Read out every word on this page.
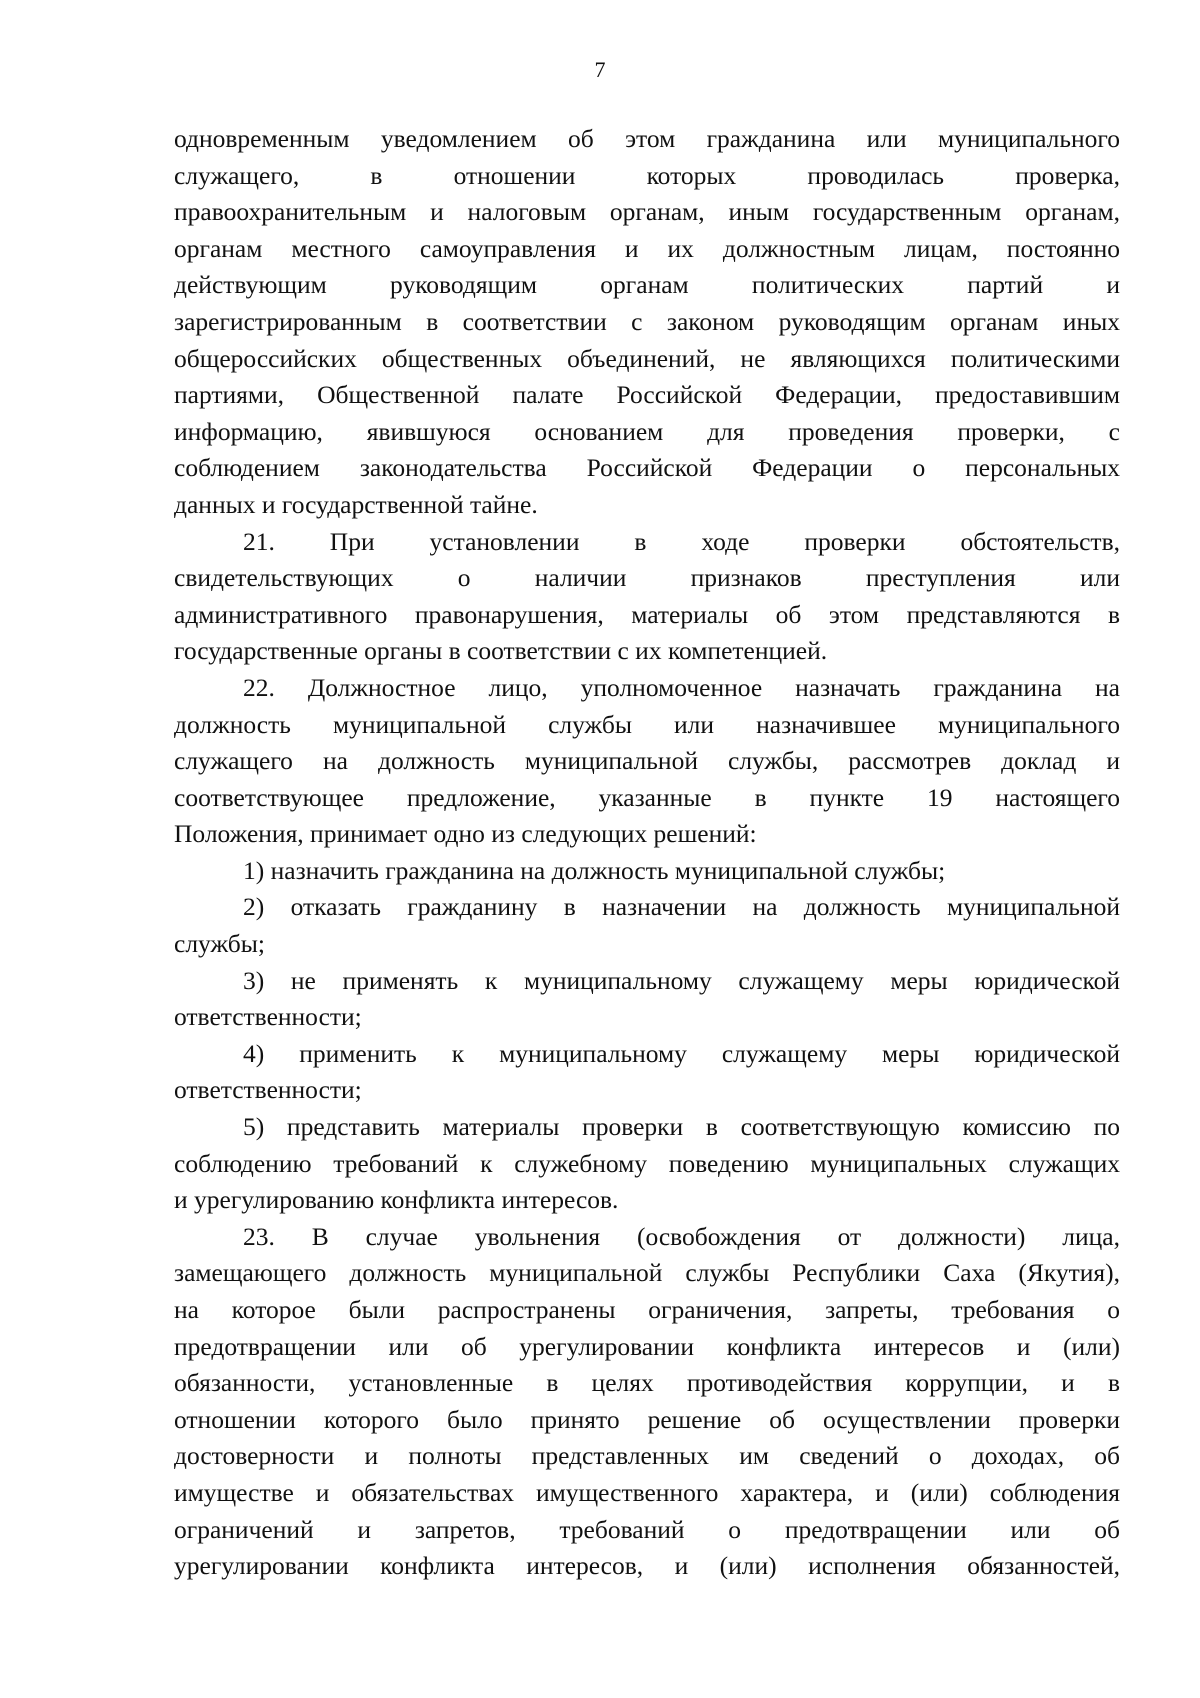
7
одновременным уведомлением об этом гражданина или муниципального
служащего, в отношении которых проводилась проверка,
правоохранительным и налоговым органам, иным государственным органам,
органам местного самоуправления и их должностным лицам, постоянно
действующим руководящим органам политических партий и
зарегистрированным в соответствии с законом руководящим органам иных
общероссийских общественных объединений, не являющихся политическими
партиями, Общественной палате Российской Федерации, предоставившим
информацию, явившуюся основанием для проведения проверки, с
соблюдением законодательства Российской Федерации о персональных
данных и государственной тайне.
21. При установлении в ходе проверки обстоятельств,
свидетельствующих о наличии признаков преступления или
административного правонарушения, материалы об этом представляются в
государственные органы в соответствии с их компетенцией.
22. Должностное лицо, уполномоченное назначать гражданина на
должность муниципальной службы или назначившее муниципального
служащего на должность муниципальной службы, рассмотрев доклад и
соответствующее предложение, указанные в пункте 19 настоящего
Положения, принимает одно из следующих решений:
1) назначить гражданина на должность муниципальной службы;
2) отказать гражданину в назначении на должность муниципальной
службы;
3) не применять к муниципальному служащему меры юридической
ответственности;
4) применить к муниципальному служащему меры юридической
ответственности;
5) представить материалы проверки в соответствующую комиссию по
соблюдению требований к служебному поведению муниципальных служащих
и урегулированию конфликта интересов.
23. В случае увольнения (освобождения от должности) лица,
замещающего должность муниципальной службы Республики Саха (Якутия),
на которое были распространены ограничения, запреты, требования о
предотвращении или об урегулировании конфликта интересов и (или)
обязанности, установленные в целях противодействия коррупции, и в
отношении которого было принято решение об осуществлении проверки
достоверности и полноты представленных им сведений о доходах, об
имуществе и обязательствах имущественного характера, и (или) соблюдения
ограничений и запретов, требований о предотвращении или об
урегулировании конфликта интересов, и (или) исполнения обязанностей,
